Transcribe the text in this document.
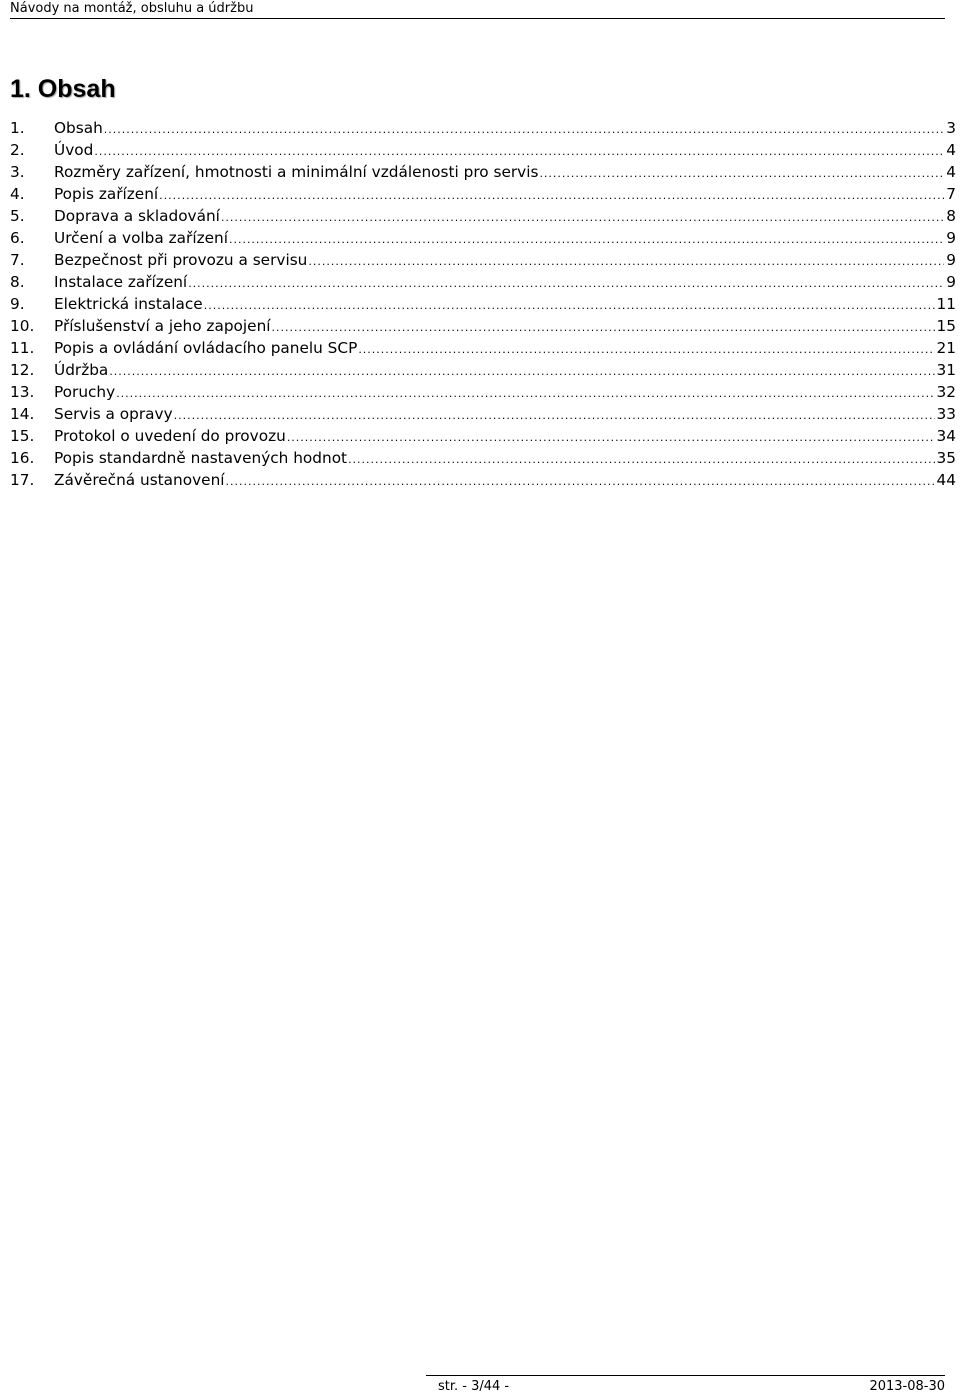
Návody na montáž, obsluhu a údržbu
1. Obsah
1.	Obsah .....	3
2.	Úvod .....	4
3.	Rozměry zařízení, hmotnosti a minimální vzdálenosti pro servis .....	4
4.	Popis zařízení .....	7
5.	Doprava a skladování .....	8
6.	Určení a volba zařízení .....	9
7.	Bezpečnost při provozu a servisu .....	9
8.	Instalace zařízení .....	9
9.	Elektrická instalace .....	11
10.	Příslušenství a jeho zapojení .....	15
11.	Popis a ovládání ovládacího panelu SCP .....	21
12.	Údržba .....	31
13.	Poruchy .....	32
14.	Servis a opravy .....	33
15.	Protokol o uvedení do provozu .....	34
16.	Popis standardně nastavených hodnot .....	35
17.	Závěrečná ustanovení .....	44
str. - 3/44 -	2013-08-30
